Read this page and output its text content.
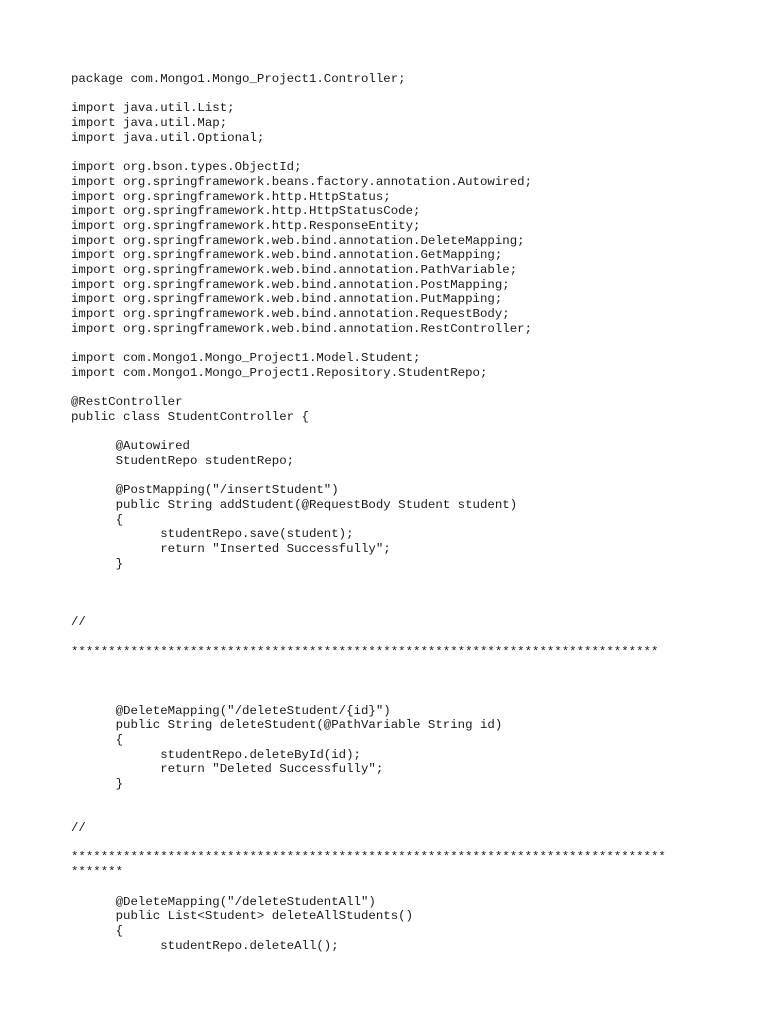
package com.Mongo1.Mongo_Project1.Controller;
import java.util.List;
import java.util.Map;
import java.util.Optional;
import org.bson.types.ObjectId;
import org.springframework.beans.factory.annotation.Autowired;
import org.springframework.http.HttpStatus;
import org.springframework.http.HttpStatusCode;
import org.springframework.http.ResponseEntity;
import org.springframework.web.bind.annotation.DeleteMapping;
import org.springframework.web.bind.annotation.GetMapping;
import org.springframework.web.bind.annotation.PathVariable;
import org.springframework.web.bind.annotation.PostMapping;
import org.springframework.web.bind.annotation.PutMapping;
import org.springframework.web.bind.annotation.RequestBody;
import org.springframework.web.bind.annotation.RestController;
import com.Mongo1.Mongo_Project1.Model.Student;
import com.Mongo1.Mongo_Project1.Repository.StudentRepo;
@RestController
public class StudentController {
@Autowired
StudentRepo studentRepo;
@PostMapping("/insertStudent")
public String addStudent(@RequestBody Student student)
{
studentRepo.save(student);
return "Inserted Successfully";
}
//
*******************************************************************************
@DeleteMapping("/deleteStudent/{id}")
public String deleteStudent(@PathVariable String id)
{
studentRepo.deleteById(id);
return "Deleted Successfully";
}
//
********************************************************************************
*******
@DeleteMapping("/deleteStudentAll")
public List<Student> deleteAllStudents()
{
studentRepo.deleteAll();
